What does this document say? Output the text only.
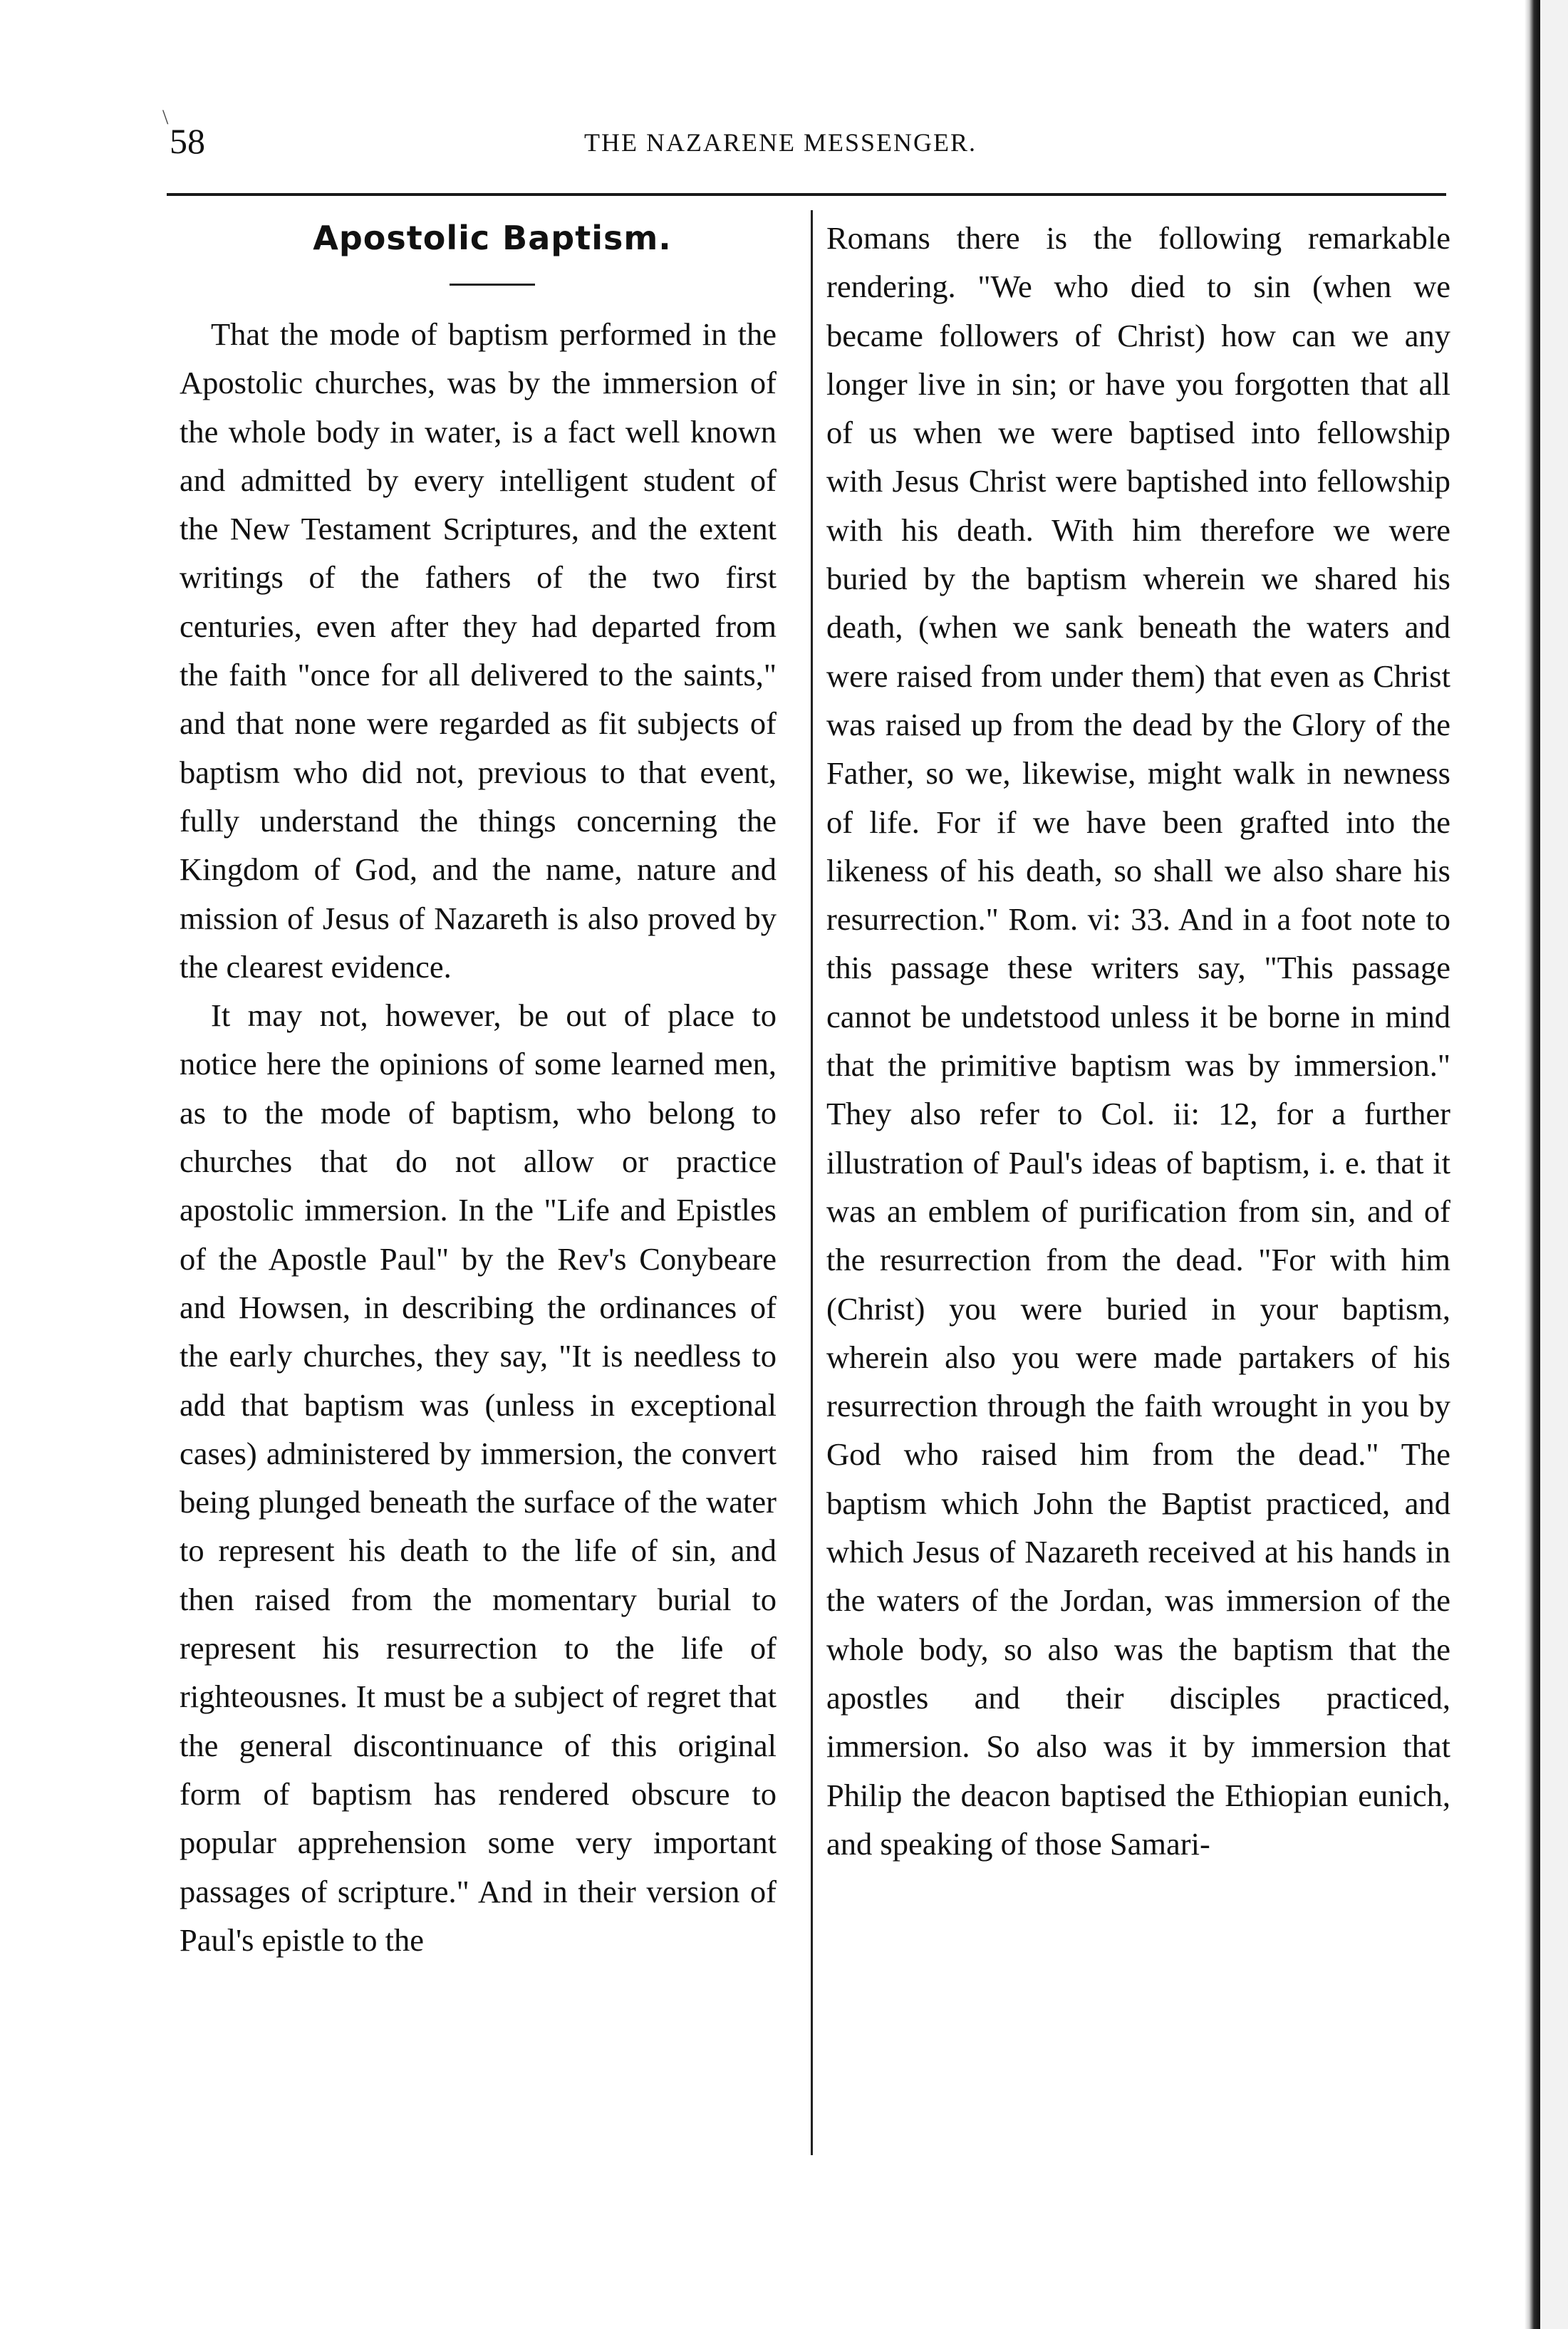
\
58	THE NAZARENE MESSENGER.
Apostolic Baptism.

That the mode of baptism performed in the Apostolic churches, was by the immersion of the whole body in water, is a fact well known and admitted by every intelligent student of the New Testament Scriptures, and the extent writings of the fathers of the two first centuries, even after they had departed from the faith "once for all delivered to the saints," and that none were regarded as fit subjects of baptism who did not, previous to that event, fully understand the things concerning the Kingdom of God, and the name, nature and mission of Jesus of Nazareth is also proved by the clearest evidence.

It may not, however, be out of place to notice here the opinions of some learned men, as to the mode of baptism, who belong to churches that do not allow or practice apostolic immersion. In the "Life and Epistles of the Apostle Paul" by the Rev's Conybeare and Howsen, in describing the ordinances of the early churches, they say, "It is needless to add that baptism was (unless in exceptional cases) administered by immersion, the convert being plunged beneath the surface of the water to represent his death to the life of sin, and then raised from the momentary burial to represent his resurrection to the life of righteousnes. It must be a subject of regret that the general discontinuance of this original form of baptism has rendered obscure to popular apprehension some very important passages of scripture." And in their version of Paul's epistle to the

Romans there is the following remarkable rendering. "We who died to sin (when we became followers of Christ) how can we any longer live in sin; or have you forgotten that all of us when we were baptised into fellowship with Jesus Christ were baptished into fellowship with his death. With him therefore we were buried by the baptism wherein we shared his death, (when we sank beneath the waters and were raised from under them) that even as Christ was raised up from the dead by the Glory of the Father, so we, likewise, might walk in newness of life. For if we have been grafted into the likeness of his death, so shall we also share his resurrection." Rom. vi: 33. And in a foot note to this passage these writers say, "This passage cannot be undetstood unless it be borne in mind that the primitive baptism was by immersion." They also refer to Col. ii: 12, for a further illustration of Paul's ideas of baptism, i. e. that it was an emblem of purification from sin, and of the resurrection from the dead. "For with him (Christ) you were buried in your baptism, wherein also you were made partakers of his resurrection through the faith wrought in you by God who raised him from the dead." The baptism which John the Baptist practiced, and which Jesus of Nazareth received at his hands in the waters of the Jordan, was immersion of the whole body, so also was the baptism that the apostles and their disciples practiced, immersion. So also was it by immersion that Philip the deacon baptised the Ethiopian eunich, and speaking of those Samari-
